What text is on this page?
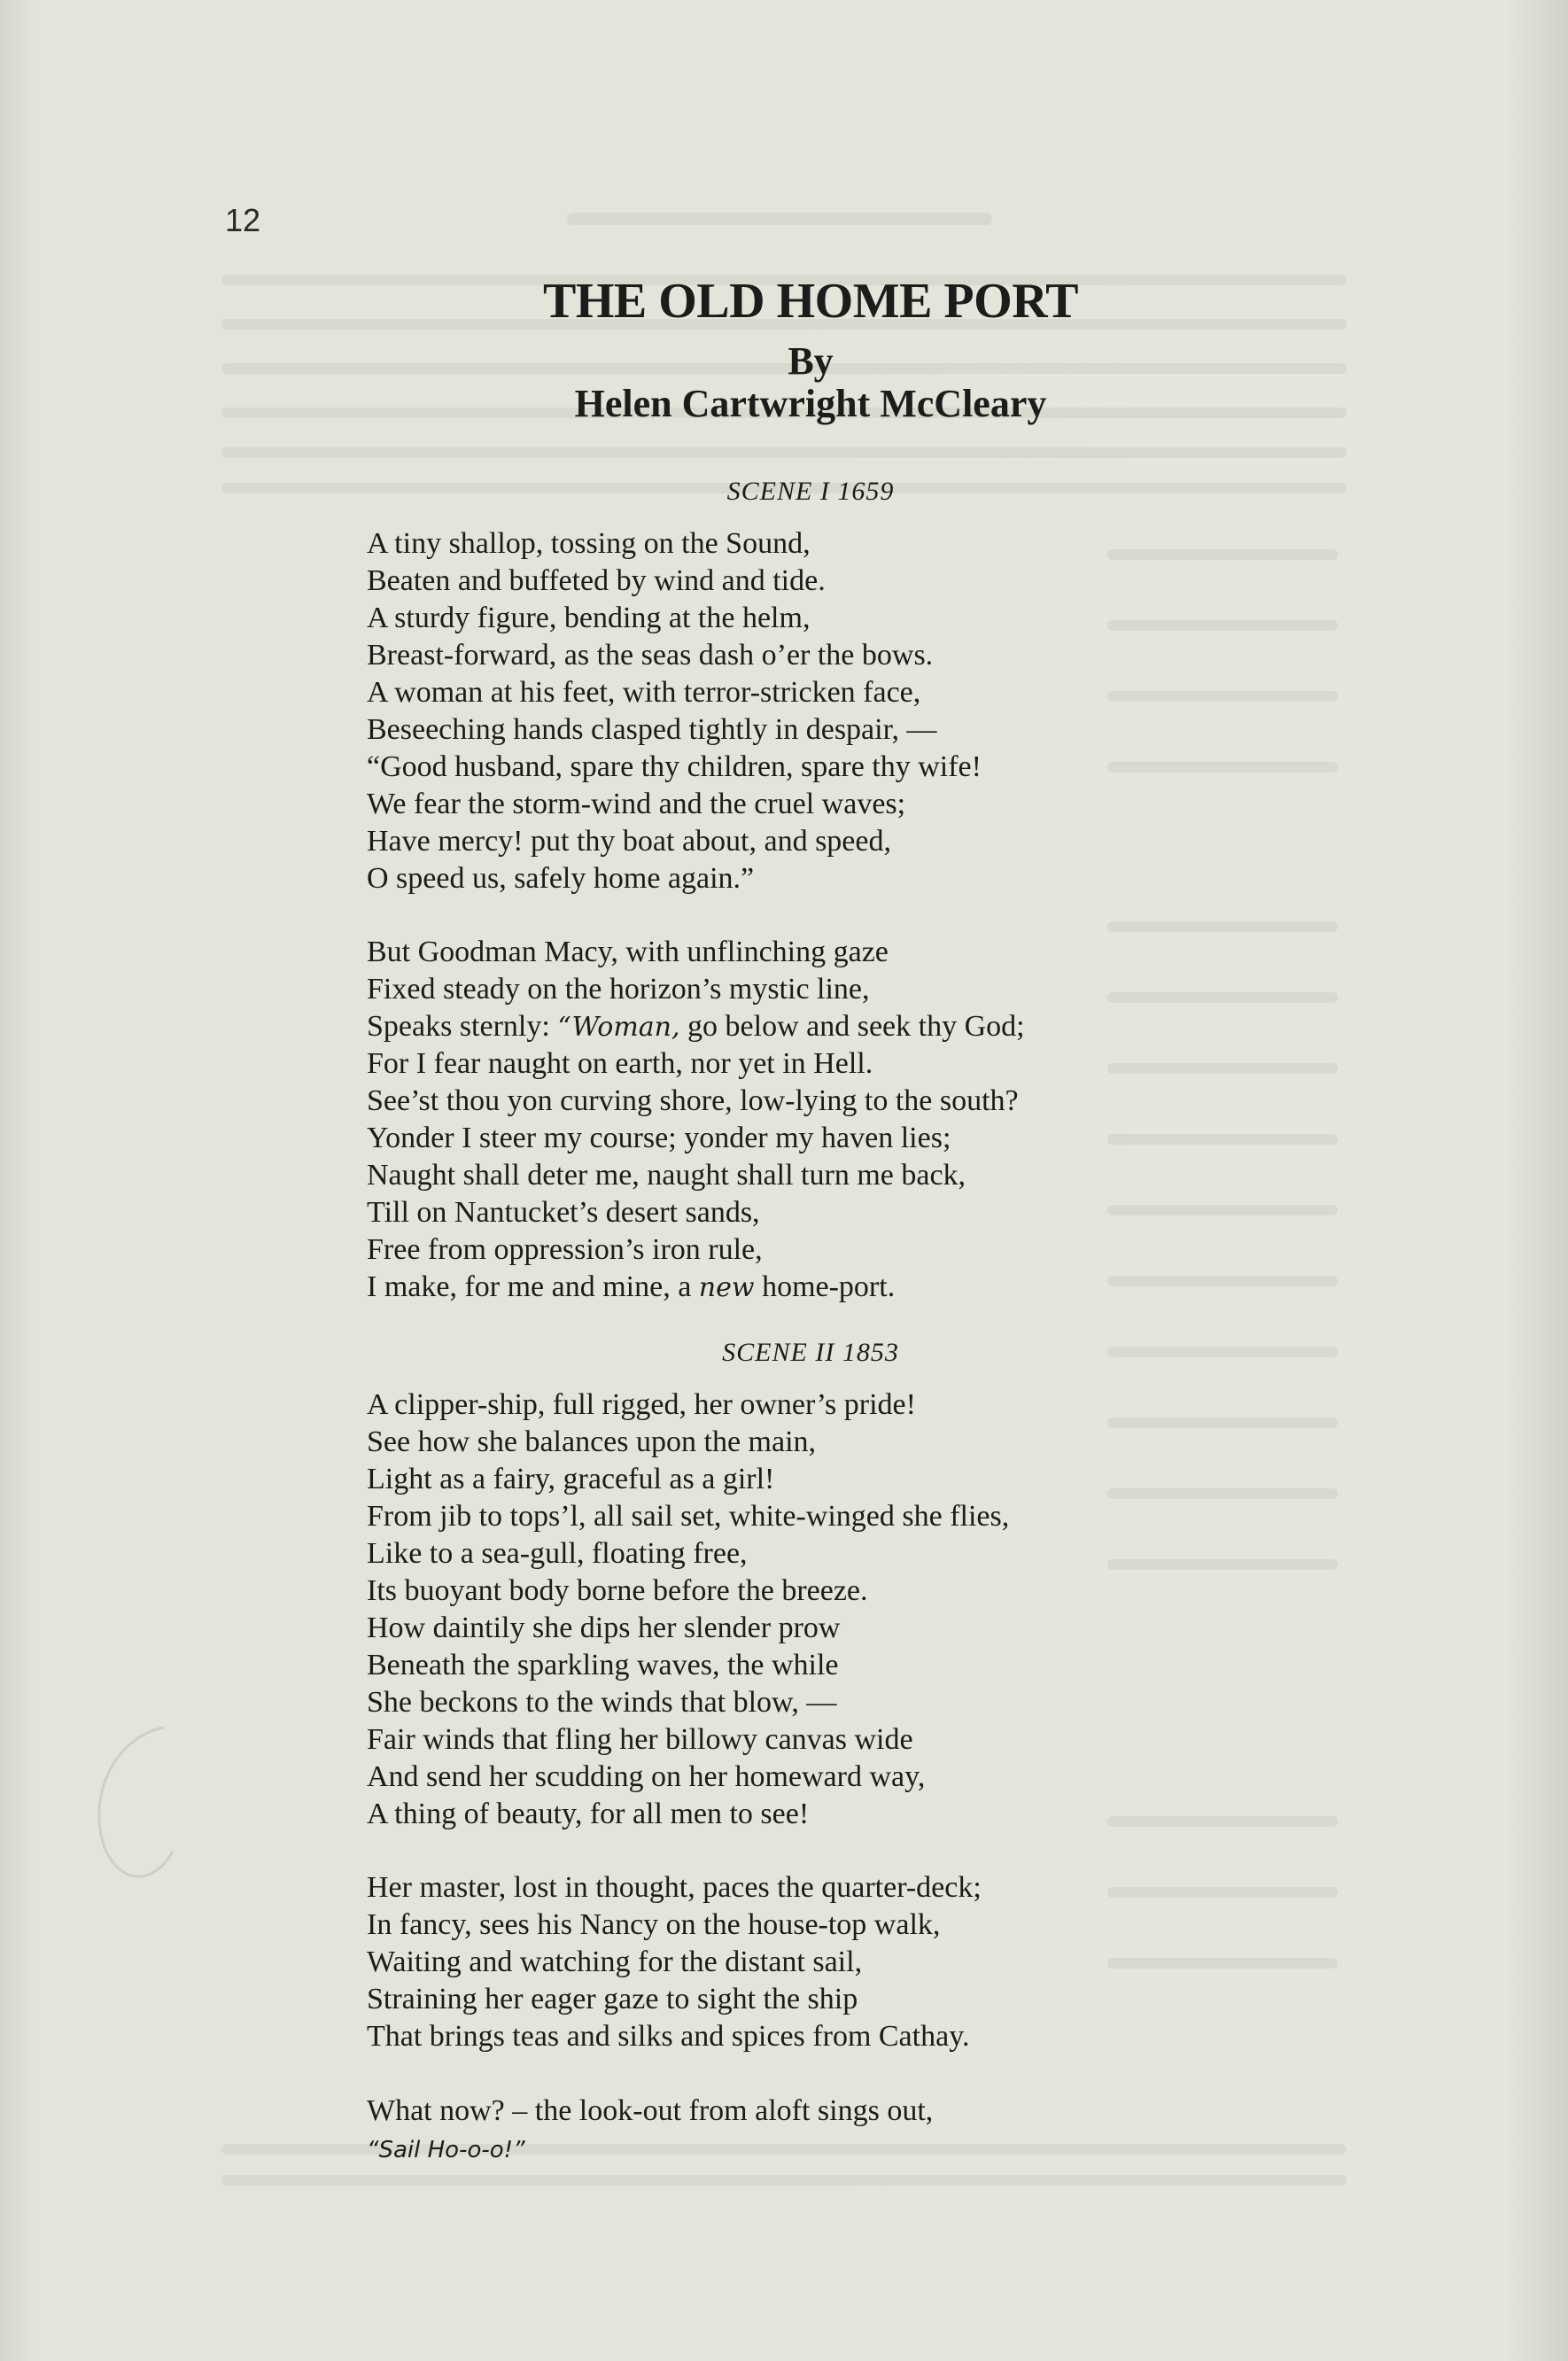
12
THE OLD HOME PORT
By
Helen Cartwright McCleary
SCENE I 1659
A tiny shallop, tossing on the Sound,
Beaten and buffeted by wind and tide.
A sturdy figure, bending at the helm,
Breast-forward, as the seas dash o’er the bows.
A woman at his feet, with terror-stricken face,
Beseeching hands clasped tightly in despair, —
“Good husband, spare thy children, spare thy wife!
We fear the storm-wind and the cruel waves;
Have mercy! put thy boat about, and speed,
O speed us, safely home again.”
But Goodman Macy, with unflinching gaze
Fixed steady on the horizon’s mystic line,
Speaks sternly: “Woman, go below and seek thy God;
For I fear naught on earth, nor yet in Hell.
See’st thou yon curving shore, low-lying to the south?
Yonder I steer my course; yonder my haven lies;
Naught shall deter me, naught shall turn me back,
Till on Nantucket’s desert sands,
Free from oppression’s iron rule,
I make, for me and mine, a new home-port.
SCENE II 1853
A clipper-ship, full rigged, her owner’s pride!
See how she balances upon the main,
Light as a fairy, graceful as a girl!
From jib to tops’l, all sail set, white-winged she flies,
Like to a sea-gull, floating free,
Its buoyant body borne before the breeze.
How daintily she dips her slender prow
Beneath the sparkling waves, the while
She beckons to the winds that blow, —
Fair winds that fling her billowy canvas wide
And send her scudding on her homeward way,
A thing of beauty, for all men to see!
Her master, lost in thought, paces the quarter-deck;
In fancy, sees his Nancy on the house-top walk,
Waiting and watching for the distant sail,
Straining her eager gaze to sight the ship
That brings teas and silks and spices from Cathay.
What now? – the look-out from aloft sings out,
“Sail Ho-o-o!”
